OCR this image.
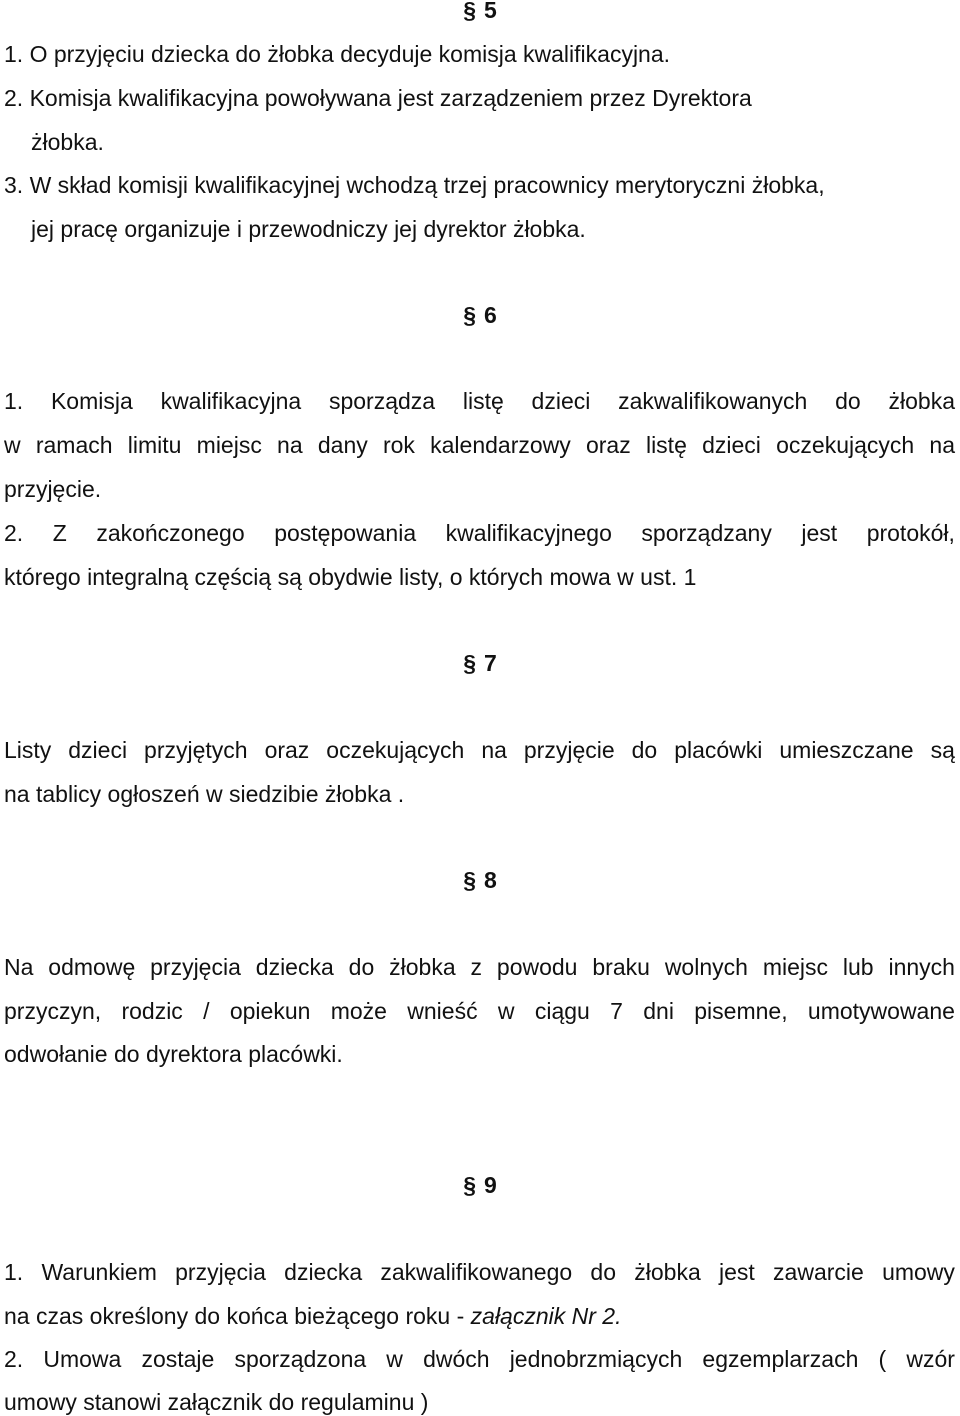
§ 5
1. O przyjęciu dziecka do żłobka decyduje komisja kwalifikacyjna.
2. Komisja kwalifikacyjna powoływana jest zarządzeniem przez Dyrektora
żłobka.
3. W skład komisji kwalifikacyjnej wchodzą trzej pracownicy merytoryczni żłobka,
jej pracę organizuje i przewodniczy jej dyrektor żłobka.
§ 6
1. Komisja kwalifikacyjna sporządza listę dzieci zakwalifikowanych do żłobka
w ramach limitu miejsc na dany rok kalendarzowy oraz listę dzieci oczekujących na
przyjęcie.
2. Z zakończonego postępowania kwalifikacyjnego sporządzany jest protokół,
którego integralną częścią są obydwie listy, o których mowa w ust. 1
§ 7
Listy dzieci przyjętych oraz oczekujących na przyjęcie do placówki umieszczane są
na tablicy ogłoszeń w siedzibie żłobka .
§ 8
Na odmowę przyjęcia dziecka do żłobka z powodu braku wolnych miejsc lub innych
przyczyn, rodzic / opiekun może wnieść w ciągu 7 dni pisemne, umotywowane
odwołanie do dyrektora placówki.
§ 9
1. Warunkiem przyjęcia dziecka zakwalifikowanego do żłobka jest zawarcie umowy
na czas określony do końca bieżącego roku - załącznik Nr 2.
2. Umowa zostaje sporządzona w dwóch jednobrzmiących egzemplarzach ( wzór
umowy stanowi załącznik do regulaminu )
